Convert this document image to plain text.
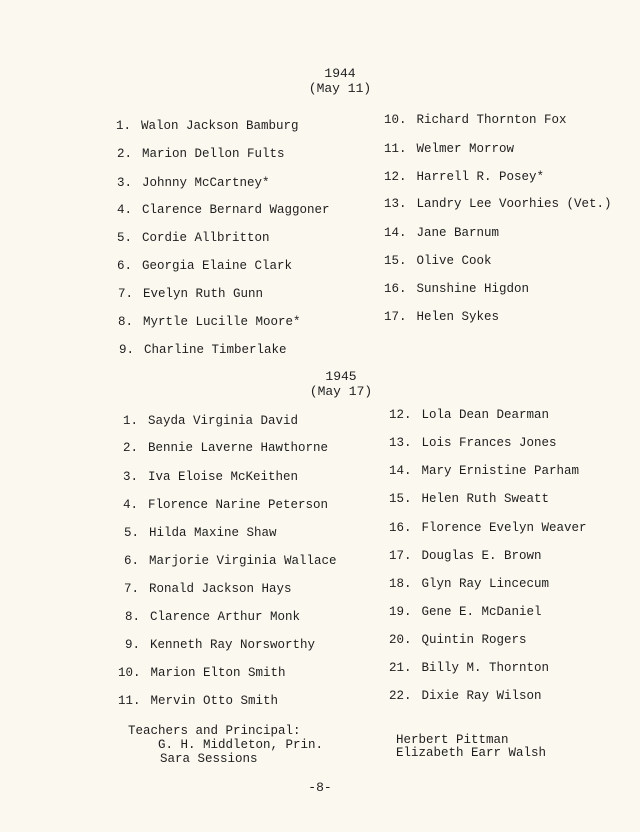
1944
(May 11)
1. Walon Jackson Bamburg
2. Marion Dellon Fults
3. Johnny McCartney*
4. Clarence Bernard Waggoner
5. Cordie Allbritton
6. Georgia Elaine Clark
7. Evelyn Ruth Gunn
8. Myrtle Lucille Moore*
9. Charline Timberlake
10. Richard Thornton Fox
11. Welmer Morrow
12. Harrell R. Posey*
13. Landry Lee Voorhies (Vet.)
14. Jane Barnum
15. Olive Cook
16. Sunshine Higdon
17. Helen Sykes
1945
(May 17)
1. Sayda Virginia David
2. Bennie Laverne Hawthorne
3. Iva Eloise McKeithen
4. Florence Narine Peterson
5. Hilda Maxine Shaw
6. Marjorie Virginia Wallace
7. Ronald Jackson Hays
8. Clarence Arthur Monk
9. Kenneth Ray Norsworthy
10. Marion Elton Smith
11. Mervin Otto Smith
12. Lola Dean Dearman
13. Lois Frances Jones
14. Mary Ernistine Parham
15. Helen Ruth Sweatt
16. Florence Evelyn Weaver
17. Douglas E. Brown
18. Glyn Ray Lincecum
19. Gene E. McDaniel
20. Quintin Rogers
21. Billy M. Thornton
22. Dixie Ray Wilson
Teachers and Principal:
G. H. Middleton, Prin.
Sara Sessions
Herbert Pittman
Elizabeth Earr Walsh
-8-
